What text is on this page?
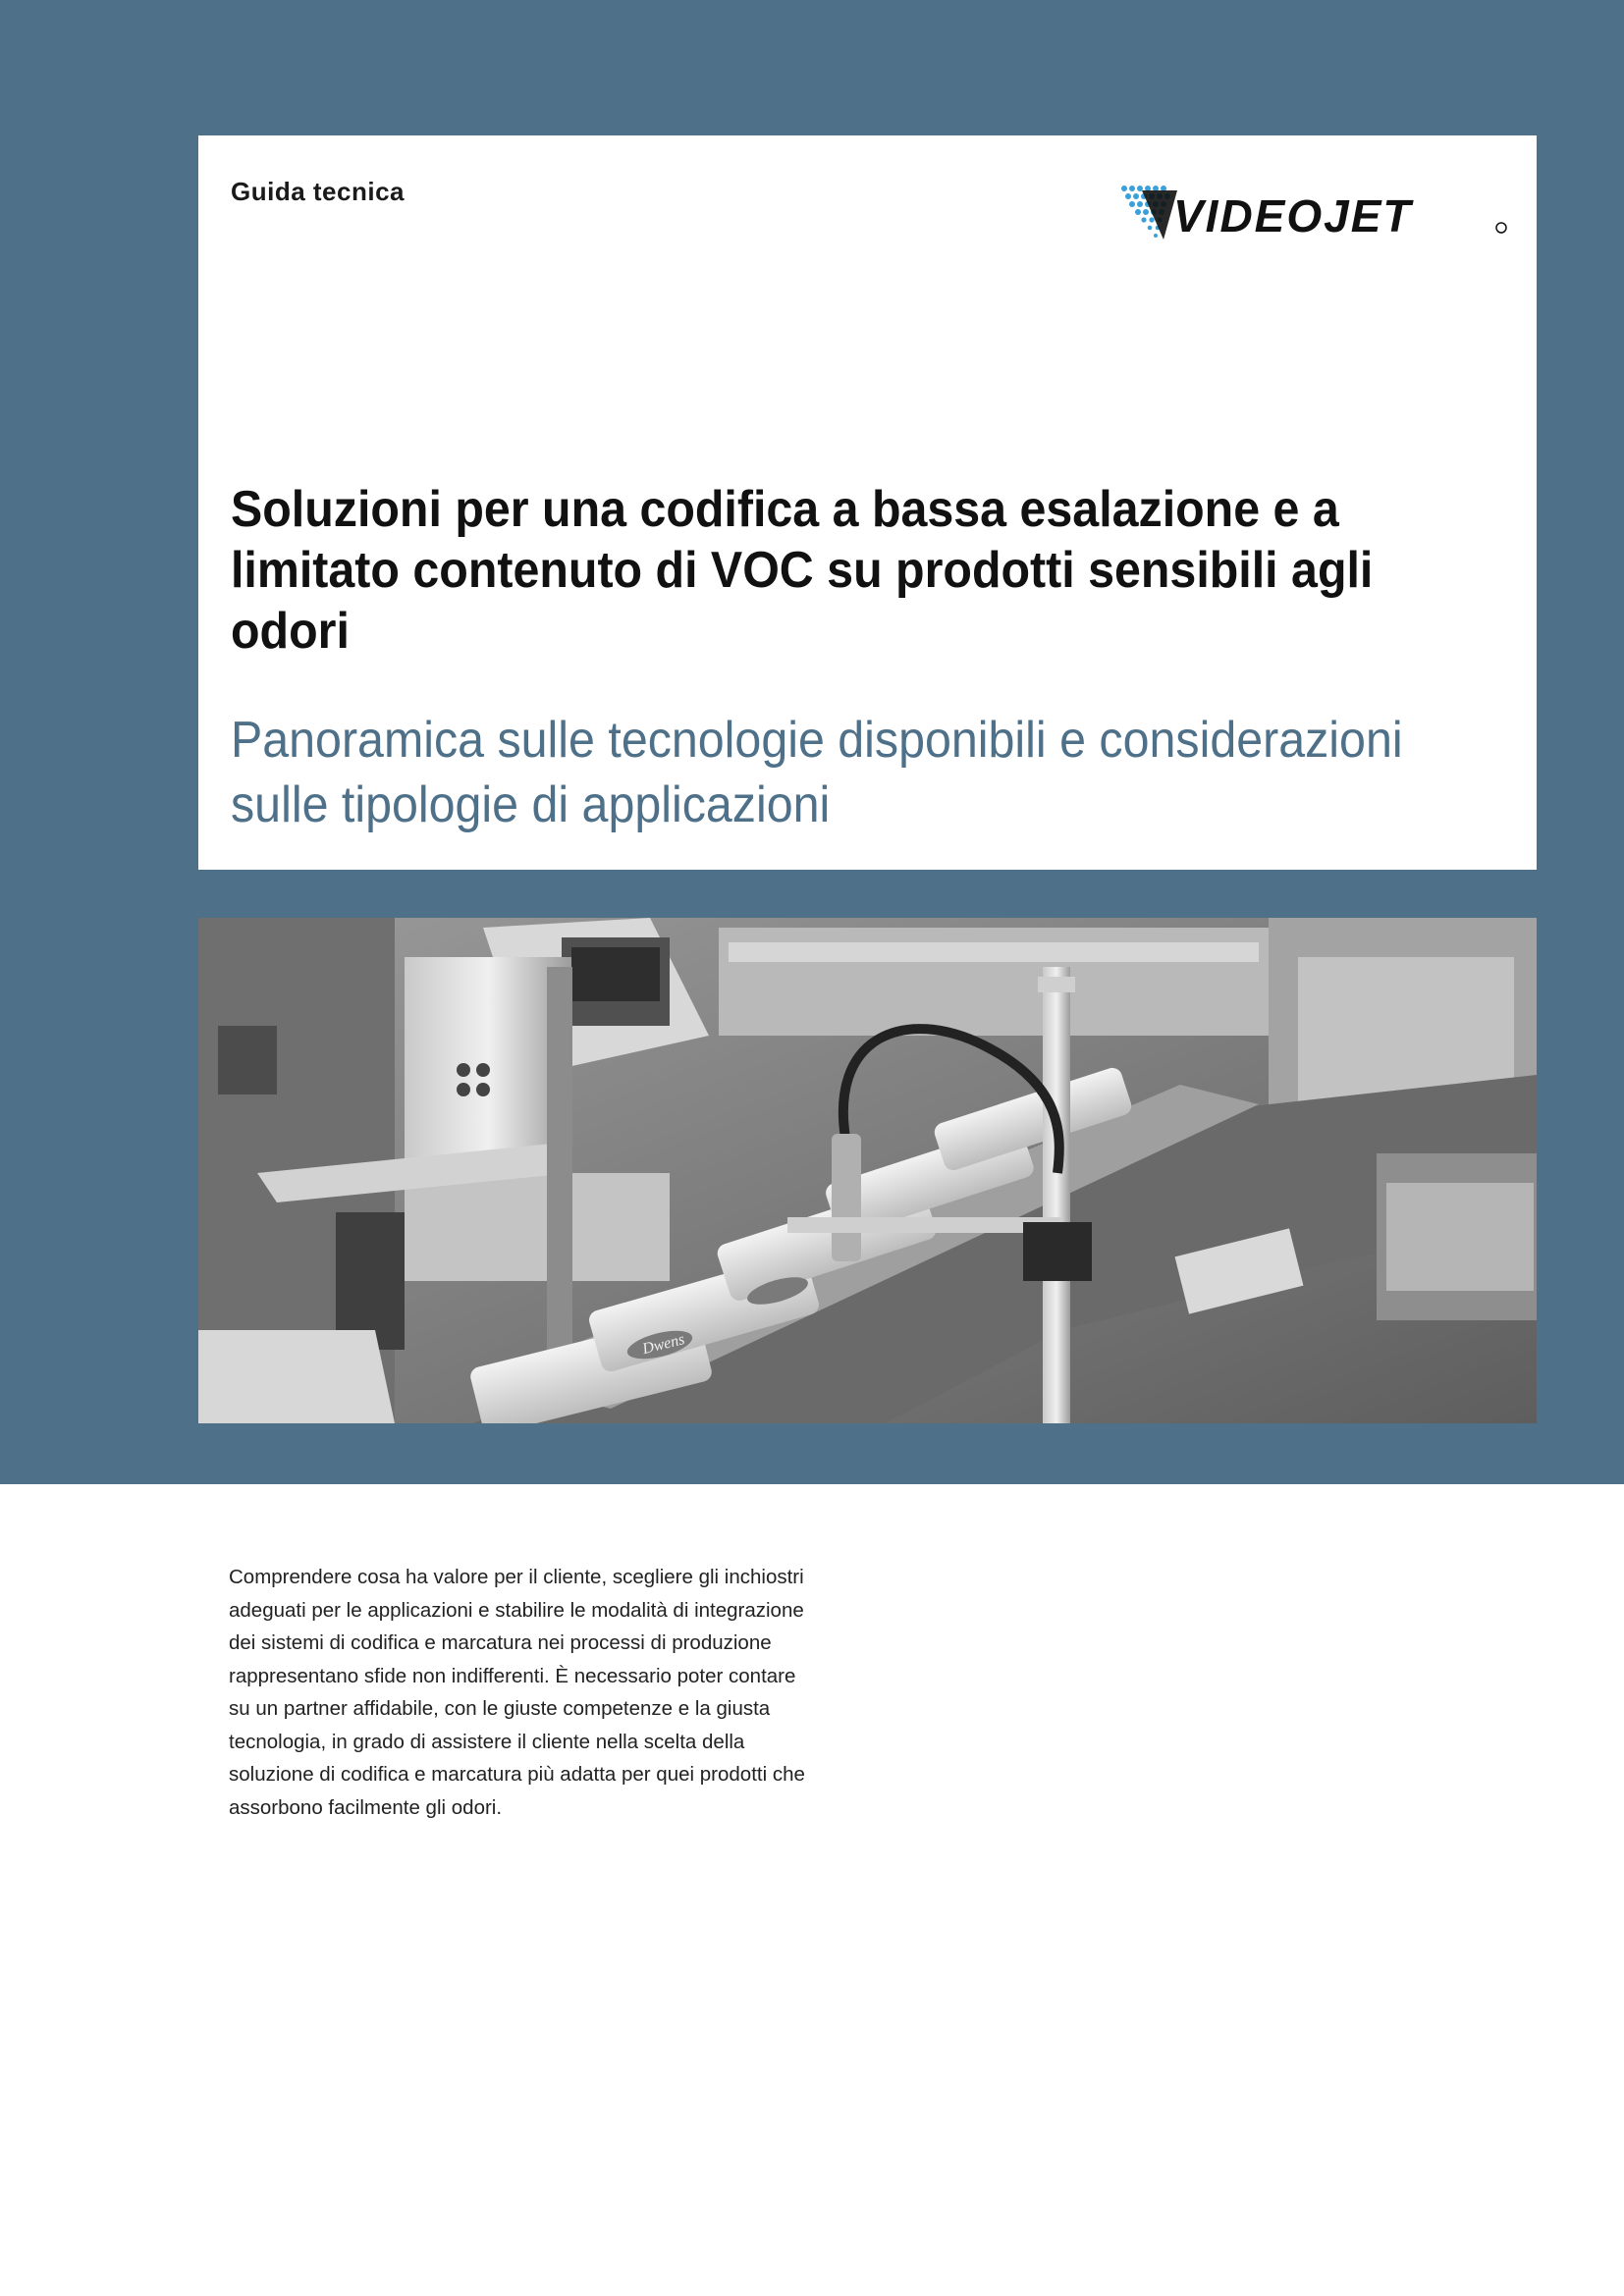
Guida tecnica	VIDEOJET
Soluzioni per una codifica a bassa esalazione e a limitato contenuto di VOC su prodotti sensibili agli odori
Panoramica sulle tecnologie disponibili e considerazioni sulle tipologie di applicazioni
Dwens

Comprendere cosa ha valore per il cliente, scegliere gli inchiostri adeguati per le applicazioni e stabilire le modalità di integrazione dei sistemi di codifica e marcatura nei processi di produzione rappresentano sfide non indifferenti. È necessario poter contare su un partner affidabile, con le giuste competenze e la giusta tecnologia, in grado di assistere il cliente nella scelta della soluzione di codifica e marcatura più adatta per quei prodotti che assorbono facilmente gli odori.
